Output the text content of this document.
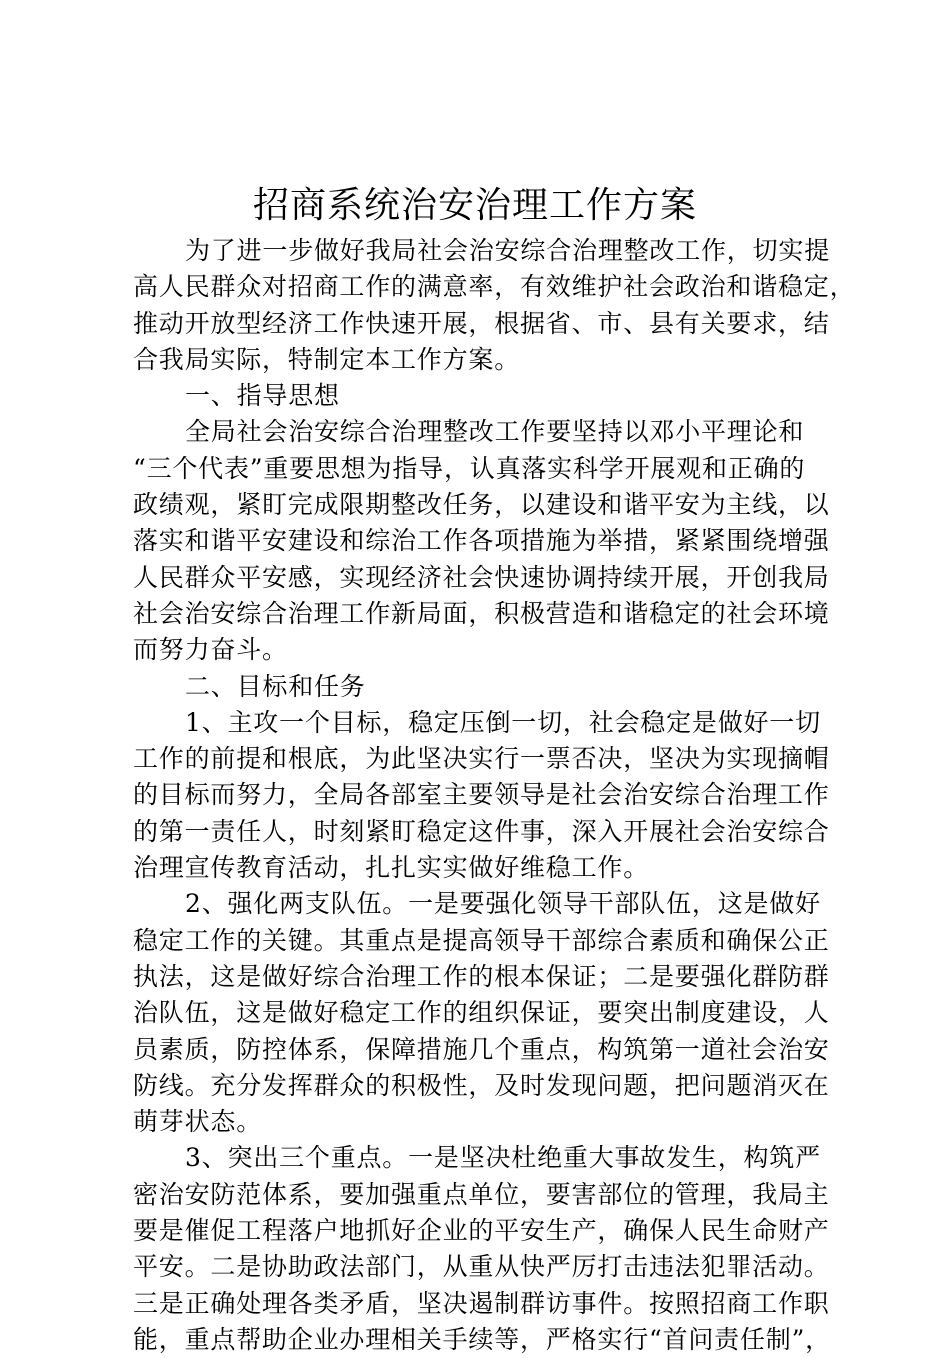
招商系统治安治理工作方案
为了进一步做好我局社会治安综合治理整改工作，切实提
高人民群众对招商工作的满意率，有效维护社会政治和谐稳定，
推动开放型经济工作快速开展，根据省、市、县有关要求，结
合我局实际，特制定本工作方案。
一、指导思想
全局社会治安综合治理整改工作要坚持以邓小平理论和
“三个代表”重要思想为指导，认真落实科学开展观和正确的
政绩观，紧盯完成限期整改任务，以建设和谐平安为主线，以
落实和谐平安建设和综治工作各项措施为举措，紧紧围绕增强
人民群众平安感，实现经济社会快速协调持续开展，开创我局
社会治安综合治理工作新局面，积极营造和谐稳定的社会环境
而努力奋斗。
二、目标和任务
1、主攻一个目标，稳定压倒一切，社会稳定是做好一切
工作的前提和根底，为此坚决实行一票否决，坚决为实现摘帽
的目标而努力，全局各部室主要领导是社会治安综合治理工作
的第一责任人，时刻紧盯稳定这件事，深入开展社会治安综合
治理宣传教育活动，扎扎实实做好维稳工作。
2、强化两支队伍。一是要强化领导干部队伍，这是做好
稳定工作的关键。其重点是提高领导干部综合素质和确保公正
执法，这是做好综合治理工作的根本保证；二是要强化群防群
治队伍，这是做好稳定工作的组织保证，要突出制度建设，人
员素质，防控体系，保障措施几个重点，构筑第一道社会治安
防线。充分发挥群众的积极性，及时发现问题，把问题消灭在
萌芽状态。
3、突出三个重点。一是坚决杜绝重大事故发生，构筑严
密治安防范体系，要加强重点单位，要害部位的管理，我局主
要是催促工程落户地抓好企业的平安生产，确保人民生命财产
平安。二是协助政法部门，从重从快严厉打击违法犯罪活动。
三是正确处理各类矛盾，坚决遏制群访事件。按照招商工作职
能，重点帮助企业办理相关手续等，严格实行“首问责任制”，
